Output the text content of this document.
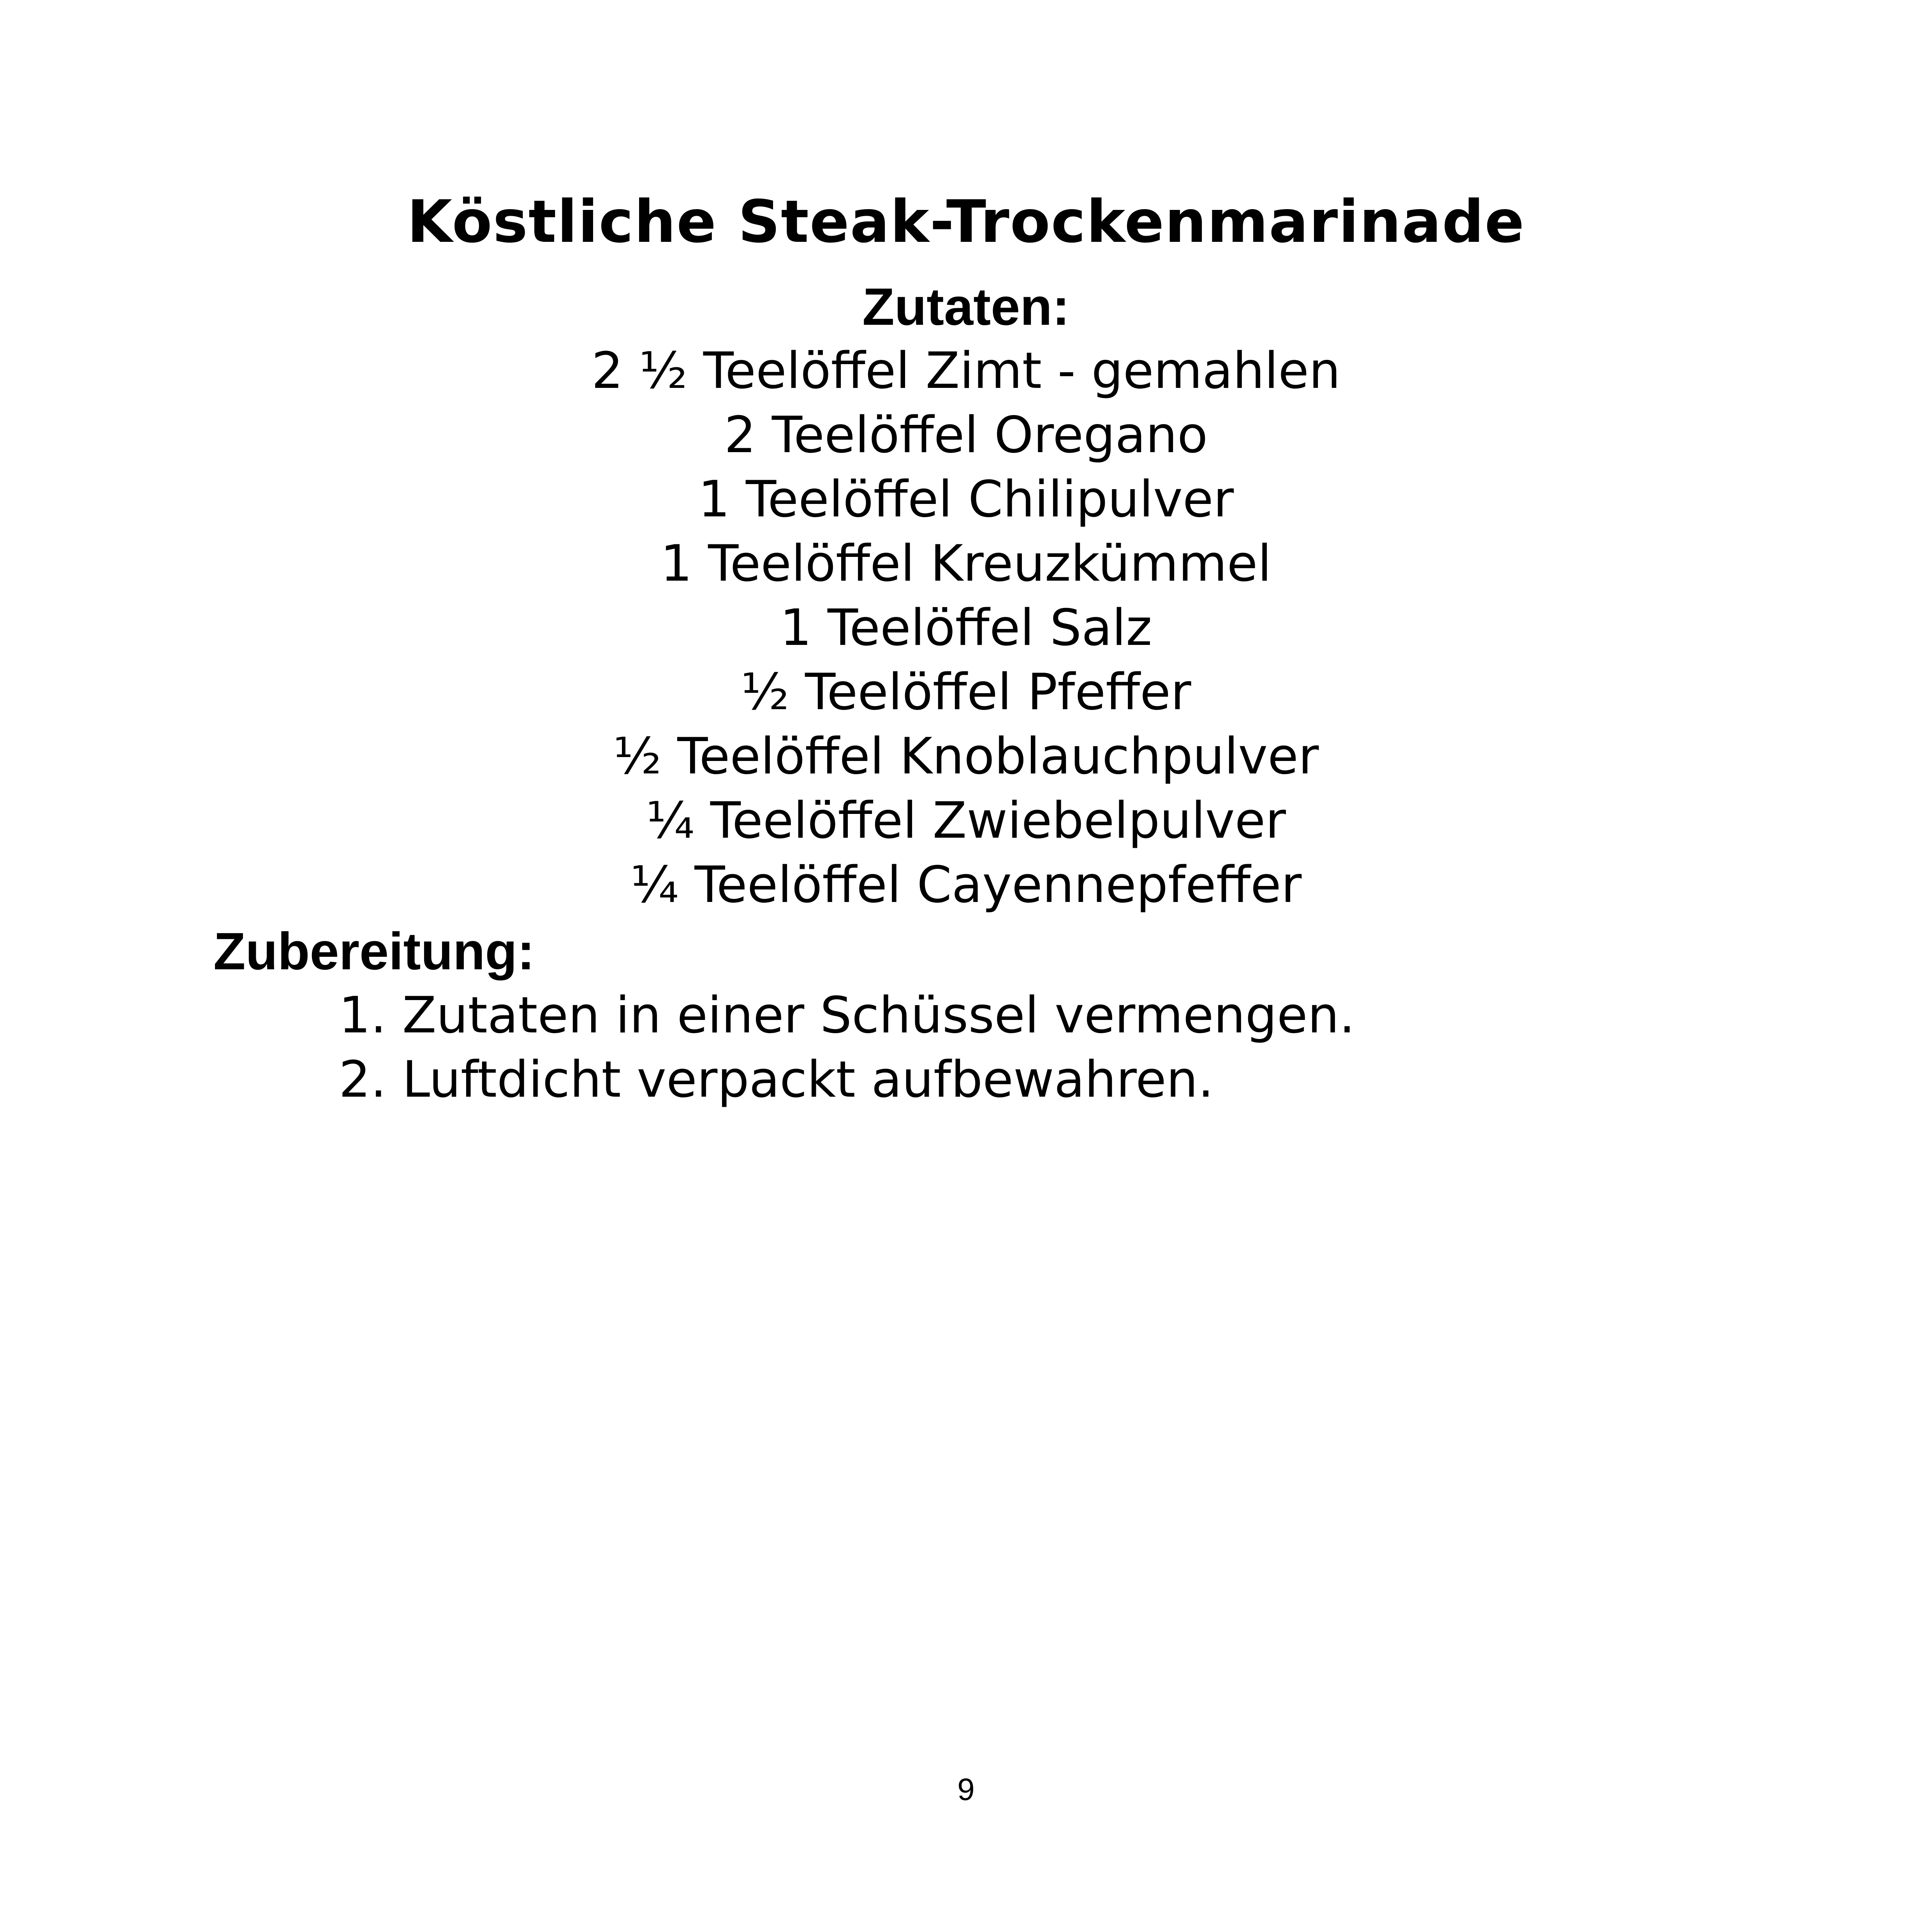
Köstliche Steak-Trockenmarinade
Zutaten:
2 ½ Teelöffel Zimt - gemahlen
2 Teelöffel Oregano
1 Teelöffel Chilipulver
1 Teelöffel Kreuzkümmel
1 Teelöffel Salz
½ Teelöffel Pfeffer
½ Teelöffel Knoblauchpulver
¼ Teelöffel Zwiebelpulver
¼ Teelöffel Cayennepfeffer
Zubereitung:
1. Zutaten in einer Schüssel vermengen.
2. Luftdicht verpackt aufbewahren.
9
